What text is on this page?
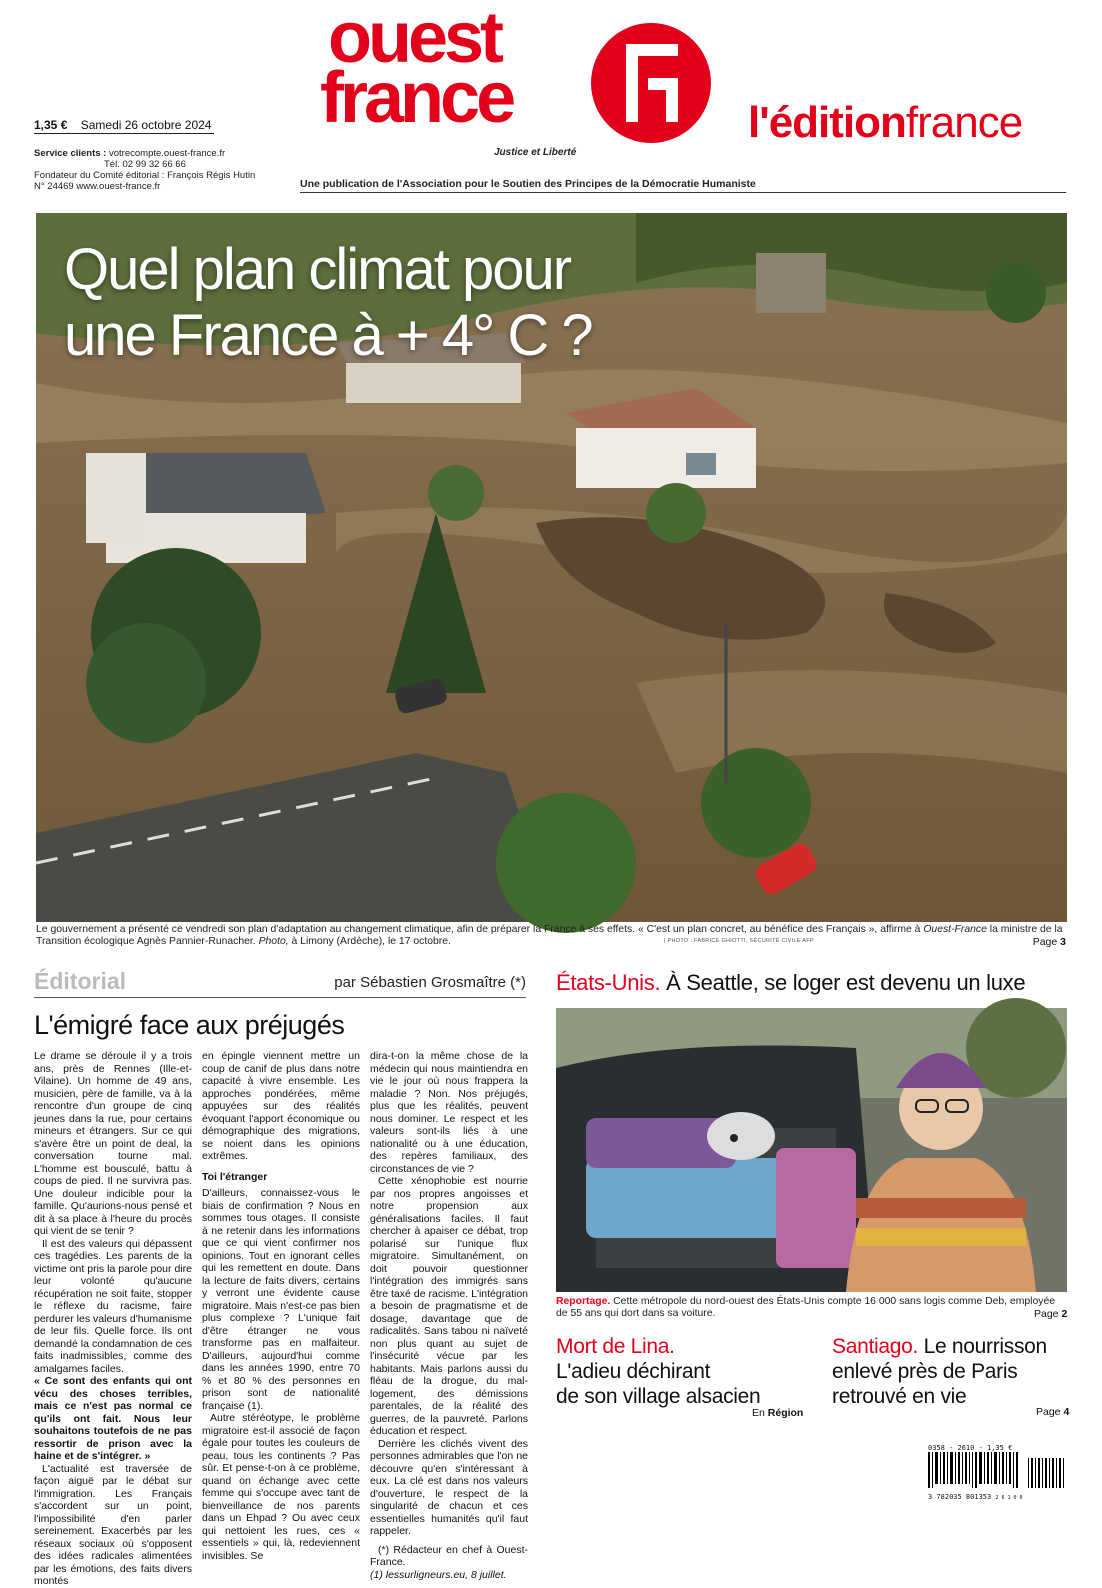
ouest
france
Justice et Liberté
l'éditionfrance
1,35 € Samedi 26 octobre 2024
Service clients : votrecompte.ouest-france.fr
Tél. 02 99 32 66 66
Fondateur du Comité éditorial : François Régis Hutin
N° 24469 www.ouest-france.fr	Une publication de l'Association pour le Soutien des Principes de la Démocratie Humaniste
Quel plan climat pour
une France à + 4° C ?
Le gouvernement a présenté ce vendredi son plan d'adaptation au changement climatique, afin de préparer la France à ses effets. « C'est un plan concret, au bénéfice des Français », affirme à Ouest-France la ministre de la Transition écologique Agnès Pannier-Runacher. Photo, à Limony (Ardèche), le 17 octobre.	| PHOTO : FABRICE GHIOTTI, SÉCURITÉ CIVILE AFP	Page 3
Éditorial	par Sébastien Grosmaître (*)
L'émigré face aux préjugés

Le drame se déroule il y a trois ans, près de Rennes (Ille-et-Vilaine). Un homme de 49 ans, musicien, père de famille, va à la rencontre d'un groupe de cinq jeunes dans la rue, pour certains mineurs et étrangers. Sur ce qui s'avère être un point de deal, la conversation tourne mal. L'homme est bousculé, battu à coups de pied. Il ne survivra pas. Une douleur indicible pour la famille. Qu'aurions-nous pensé et dit à sa place à l'heure du procès qui vient de se tenir ?

Il est des valeurs qui dépassent ces tragédies. Les parents de la victime ont pris la parole pour dire leur volonté qu'aucune récupération ne soit faite, stopper le réflexe du racisme, faire perdurer les valeurs d'humanisme de leur fils. Quelle force. Ils ont demandé la condamnation de ces faits inadmissibles, comme des amalgames faciles.

« Ce sont des enfants qui ont vécu des choses terribles, mais ce n'est pas normal ce qu'ils ont fait. Nous leur souhaitons toutefois de ne pas ressortir de prison avec la haine et de s'intégrer. »

L'actualité est traversée de façon aiguë par le débat sur l'immigration. Les Français s'accordent sur un point, l'impossibilité d'en parler sereinement. Exacerbés par les réseaux sociaux où s'opposent des idées radicales alimentées par les émotions, des faits divers montés

en épingle viennent mettre un coup de canif de plus dans notre capacité à vivre ensemble. Les approches pondérées, même appuyées sur des réalités évoquant l'apport économique ou démographique des migrations, se noient dans les opinions extrêmes.

Toi l'étranger

D'ailleurs, connaissez-vous le biais de confirmation ? Nous en sommes tous otages. Il consiste à ne retenir dans les informations que ce qui vient confirmer nos opinions. Tout en ignorant celles qui les remettent en doute. Dans la lecture de faits divers, certains y verront une évidente cause migratoire. Mais n'est-ce pas bien plus complexe ? L'unique fait d'être étranger ne vous transforme pas en malfaiteur. D'ailleurs, aujourd'hui comme dans les années 1990, entre 70 % et 80 % des personnes en prison sont de nationalité française (1).

Autre stéréotype, le problème migratoire est-il associé de façon égale pour toutes les couleurs de peau, tous les continents ? Pas sûr. Et pense-t-on à ce problème, quand on échange avec cette femme qui s'occupe avec tant de bienveillance de nos parents dans un Ehpad ? Ou avec ceux qui nettoient les rues, ces « essentiels » qui, là, redeviennent invisibles. Se

dira-t-on la même chose de la médecin qui nous maintiendra en vie le jour où nous frappera la maladie ? Non. Nos préjugés, plus que les réalités, peuvent nous dominer. Le respect et les valeurs sont-ils liés à une nationalité ou à une éducation, des repères familiaux, des circonstances de vie ?

Cette xénophobie est nourrie par nos propres angoisses et notre propension aux généralisations faciles. Il faut chercher à apaiser ce débat, trop polarisé sur l'unique flux migratoire. Simultanément, on doit pouvoir questionner l'intégration des immigrés sans être taxé de racisme. L'intégration a besoin de pragmatisme et de dosage, davantage que de radicalités. Sans tabou ni naïveté non plus quant au sujet de l'insécurité vécue par les habitants. Mais parlons aussi du fléau de la drogue, du mal-logement, des démissions parentales, de la réalité des guerres, de la pauvreté. Parlons éducation et respect.

Derrière les clichés vivent des personnes admirables que l'on ne découvre qu'en s'intéressant à eux. La clé est dans nos valeurs d'ouverture, le respect de la singularité de chacun et ces essentielles humanités qu'il faut rappeler.

(*) Rédacteur en chef à Ouest-France.

(1) lessurligneurs.eu, 8 juillet.

États-Unis. À Seattle, se loger est devenu un luxe
Reportage. Cette métropole du nord-ouest des États-Unis compte 16 000 sans logis comme Deb, employée de 55 ans qui dort dans sa voiture.	Page 2
Mort de Lina.
L'adieu déchirant
de son village alsacien
En Région
Santiago. Le nourrisson
enlevé près de Paris
retrouvé en vie
Page 4
0358 - 2610 - 1,35 €
3 782035 801353 2 6 1 0 0
